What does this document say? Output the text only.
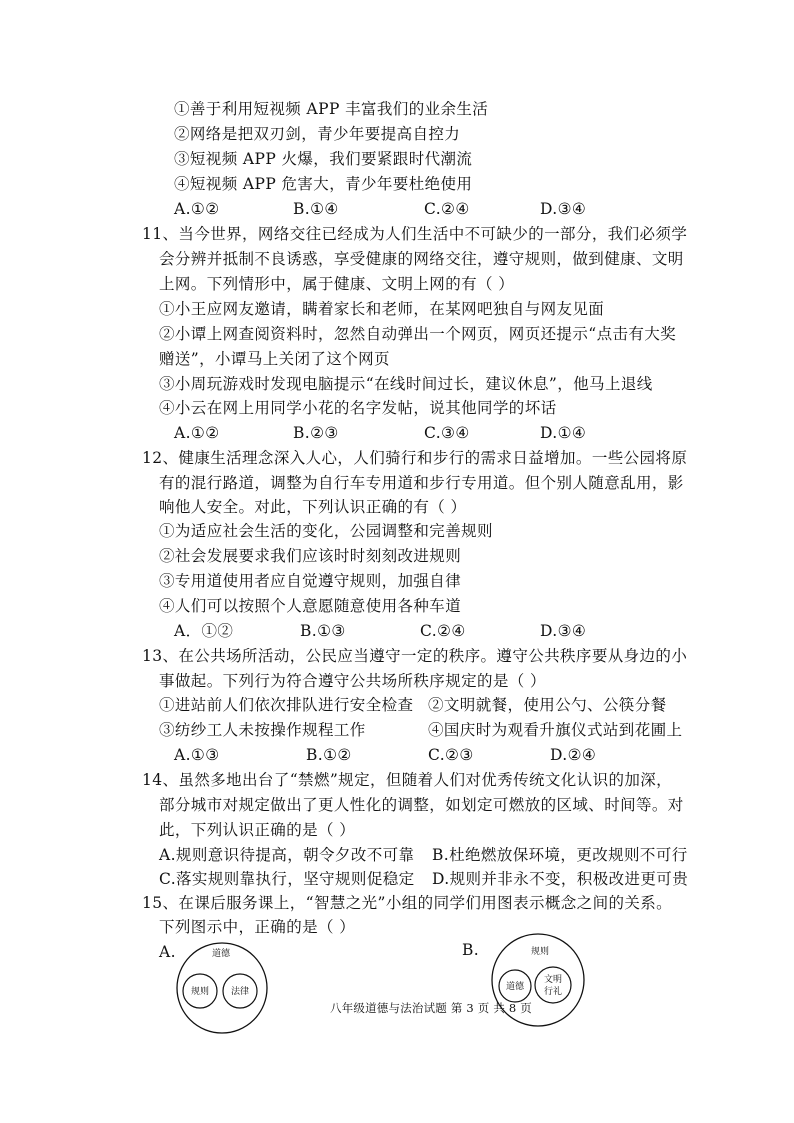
①善于利用短视频 APP 丰富我们的业余生活
②网络是把双刃剑，青少年要提高自控力
③短视频 APP 火爆，我们要紧跟时代潮流
④短视频 APP 危害大，青少年要杜绝使用
A.①②	B.①④	C.②④	D.③④
11、当今世界，网络交往已经成为人们生活中不可缺少的一部分，我们必须学
会分辨并抵制不良诱惑，享受健康的网络交往，遵守规则，做到健康、文明
上网。下列情形中，属于健康、文明上网的有（ ）
①小王应网友邀请，瞒着家长和老师，在某网吧独自与网友见面
②小谭上网查阅资料时，忽然自动弹出一个网页，网页还提示“点击有大奖
赠送”，小谭马上关闭了这个网页
③小周玩游戏时发现电脑提示“在线时间过长，建议休息”，他马上退线
④小云在网上用同学小花的名字发帖，说其他同学的坏话
A.①②	B.②③	C.③④	D.①④
12、健康生活理念深入人心，人们骑行和步行的需求日益增加。一些公园将原
有的混行路道，调整为自行车专用道和步行专用道。但个别人随意乱用，影
响他人安全。对此，下列认识正确的有（ ）
①为适应社会生活的变化，公园调整和完善规则
②社会发展要求我们应该时时刻刻改进规则
③专用道使用者应自觉遵守规则，加强自律
④人们可以按照个人意愿随意使用各种车道
A．①②	B.①③	C.②④	D.③④
13、在公共场所活动，公民应当遵守一定的秩序。遵守公共秩序要从身边的小
事做起。下列行为符合遵守公共场所秩序规定的是（ ）
①进站前人们依次排队进行安全检查 ②文明就餐，使用公勺、公筷分餐
③纺纱工人未按操作规程工作	④国庆时为观看升旗仪式站到花圃上
A.①③	B.①②	C.②③	D.②④
14、虽然多地出台了“禁燃”规定，但随着人们对优秀传统文化认识的加深，
部分城市对规定做出了更人性化的调整，如划定可燃放的区域、时间等。对
此，下列认识正确的是（ ）
A.规则意识待提高，朝令夕改不可靠 B.杜绝燃放保环境，更改规则不可行
C.落实规则靠执行，坚守规则促稳定 D.规则并非永不变，积极改进更可贵
15、在课后服务课上，“智慧之光”小组的同学们用图表示概念之间的关系。
下列图示中，正确的是（ ）
A.	道德
规则 法律
B.	规则
道德
文明
行礼
八年级道德与法治试题 第 3 页 共 8 页
